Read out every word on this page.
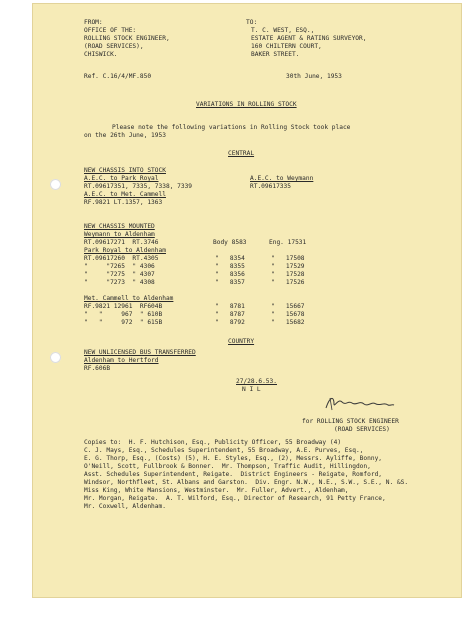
FROM:
OFFICE OF THE:
ROLLING STOCK ENGINEER,
(ROAD SERVICES),
CHISWICK.
TO:
T. C. WEST, ESQ.,
ESTATE AGENT & RATING SURVEYOR,
160 CHILTERN COURT,
BAKER STREET.
Ref. C.16/4/MF.850	30th June, 1953
VARIATIONS IN ROLLING STOCK
Please note the following variations in Rolling Stock took place
on the 26th June, 1953
CENTRAL
NEW CHASSIS INTO STOCK
A.E.C. to Park Royal
RT.09617351, 7335, 7338, 7339
A.E.C. to Met. Cammell
RF.9821 LT.1357, 1363
A.E.C. to Weymann
RT.09617335
NEW CHASSIS MOUNTED
Weymann to Aldenham
RT.09617271  RT.3746	Body 8583	Eng. 17531
Park Royal to Aldenham
RT.09617260  RT.4305	"   8354	"   17508
"     "7265  " 4306	"   8355	"   17529
"     "7275  " 4307	"   8356	"   17528
"     "7273  " 4308	"   8357	"   17526
Met. Cammell to Aldenham
RF.9821 12961  RF604B	"   8781	"   15667
"   "     967  " 610B	"   8787	"   15678
"   "     972  " 615B	"   8792	"   15682
COUNTRY
NEW UNLICENSED BUS TRANSFERRED
Aldenham to Hertford
RF.606B
27/28.6.53.
N I L
for ROLLING STOCK ENGINEER
(ROAD SERVICES)
Copies to:  H. F. Hutchison, Esq., Publicity Officer, 55 Broadway (4)
C. J. Mays, Esq., Schedules Superintendent, 55 Broadway, A.E. Purves, Esq.,
E. G. Thorp, Esq., (Costs) (5), H. E. Styles, Esq., (2), Messrs. Ayliffe, Bonny,
O'Neill, Scott, Fullbrook & Bonner.  Mr. Thompson, Traffic Audit, Hillingdon,
Asst. Schedules Superintendent, Reigate.  District Engineers - Reigate, Romford,
Windsor, Northfleet, St. Albans and Garston.  Div. Engr. N.W., N.E., S.W., S.E., N. &S.
Miss King, White Mansions, Westminster.  Mr. Fuller, Advert., Aldenham,
Mr. Morgan, Reigate.  A. T. Wilford, Esq., Director of Research, 91 Petty France,
Mr. Coxwell, Aldenham.
